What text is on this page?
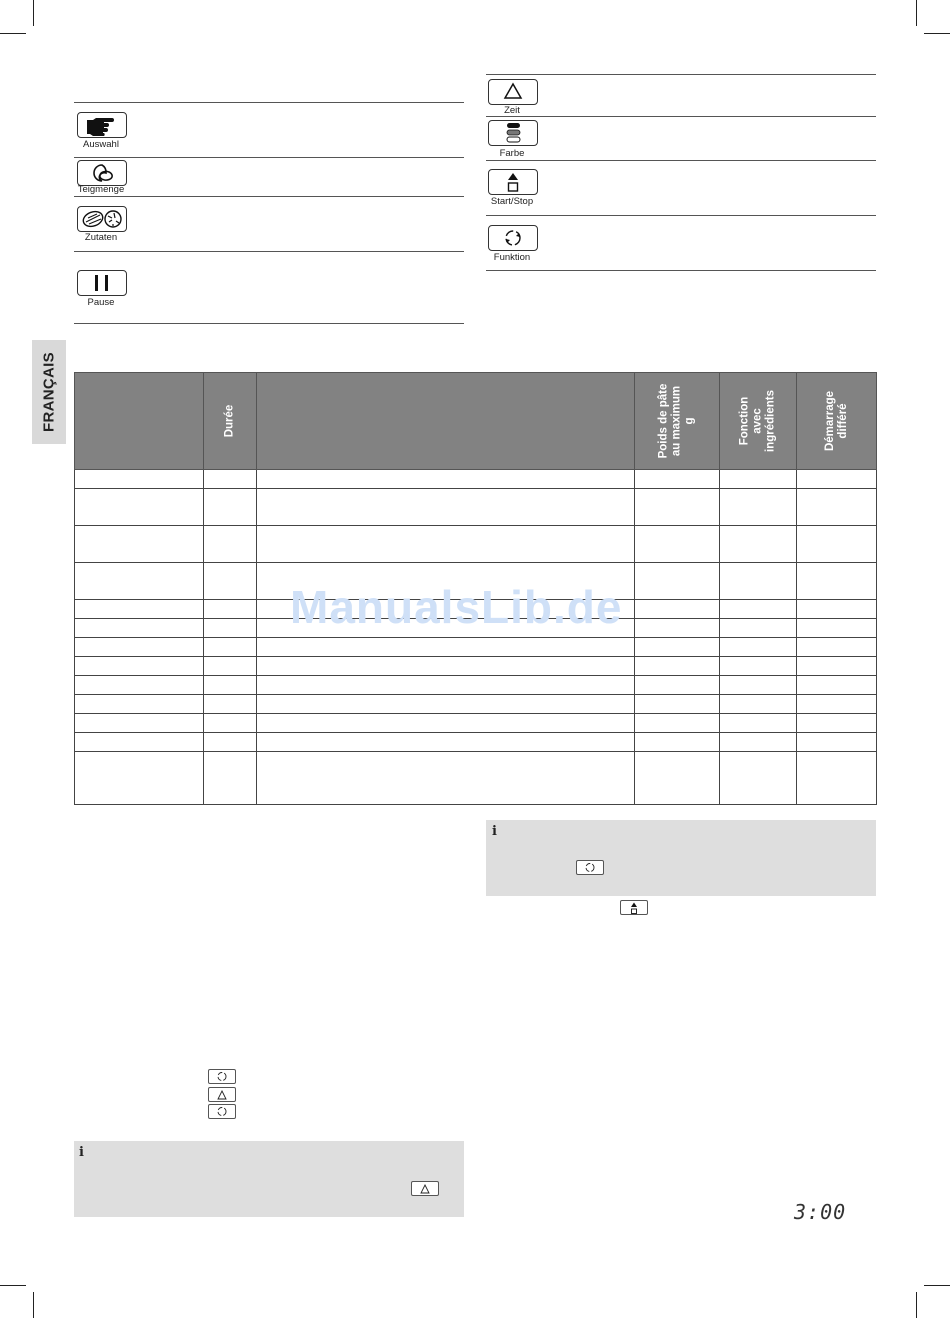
FRANÇAIS
Auswahl
Teigmenge
Zutaten
Pause
Zeit
Farbe
Start/Stop
Funktion

	Durée		Poids de pâte au maximum g	Fonction avec ingrédients	Démarrage différé

ManualsLib.de
i
i
3:00
